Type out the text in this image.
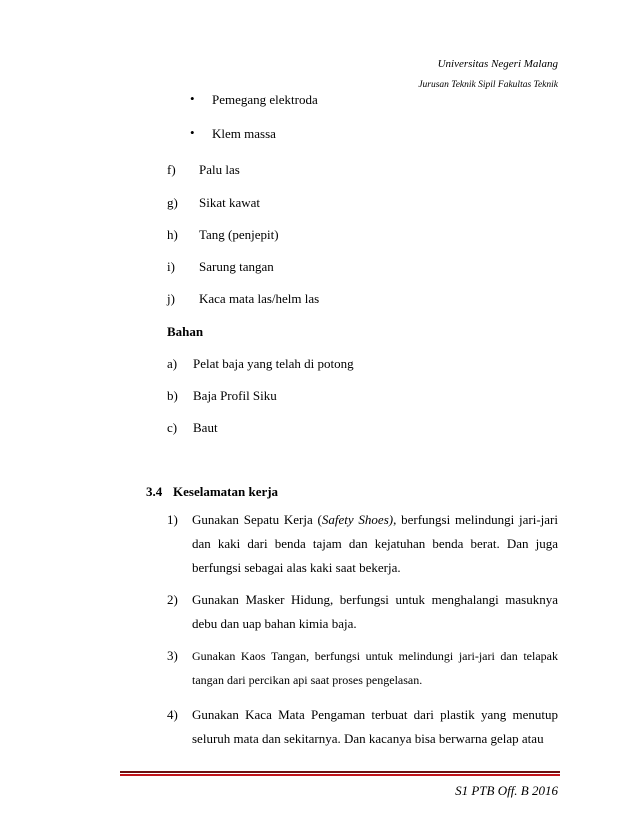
Universitas Negeri Malang
Jurusan Teknik Sipil Fakultas Teknik
• Pemegang elektroda
• Klem massa
f) Palu las
g) Sikat kawat
h) Tang (penjepit)
i) Sarung tangan
j) Kaca mata las/helm las
Bahan
a) Pelat baja yang telah di potong
b) Baja Profil Siku
c) Baut
3.4 Keselamatan kerja
1) Gunakan Sepatu Kerja (Safety Shoes), berfungsi melindungi jari-jari dan kaki dari benda tajam dan kejatuhan benda berat. Dan juga berfungsi sebagai alas kaki saat bekerja.
2) Gunakan Masker Hidung, berfungsi untuk menghalangi masuknya debu dan uap bahan kimia baja.
3) Gunakan Kaos Tangan, berfungsi untuk melindungi jari-jari dan telapak tangan dari percikan api saat proses pengelasan.
4) Gunakan Kaca Mata Pengaman terbuat dari plastik yang menutup seluruh mata dan sekitarnya. Dan kacanya bisa berwarna gelap atau
S1 PTB Off. B 2016
